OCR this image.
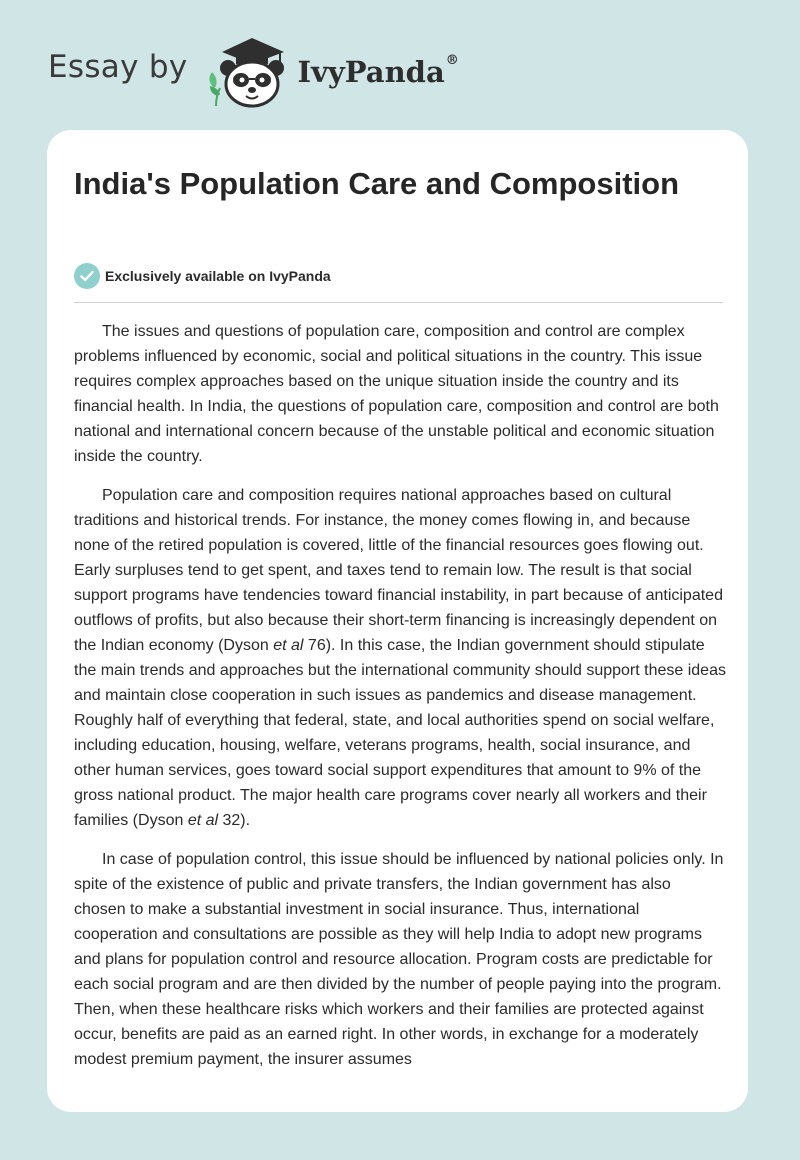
Essay by	IvyPanda®
India's Population Care and Composition
Exclusively available on IvyPanda

The issues and questions of population care, composition and control are complex problems influenced by economic, social and political situations in the country. This issue requires complex approaches based on the unique situation inside the country and its financial health. In India, the questions of population care, composition and control are both national and international concern because of the unstable political and economic situation inside the country.

Population care and composition requires national approaches based on cultural traditions and historical trends. For instance, the money comes flowing in, and because none of the retired population is covered, little of the financial resources goes flowing out. Early surpluses tend to get spent, and taxes tend to remain low. The result is that social support programs have tendencies toward financial instability, in part because of anticipated outflows of profits, but also because their short-term financing is increasingly dependent on the Indian economy (Dyson et al 76). In this case, the Indian government should stipulate the main trends and approaches but the international community should support these ideas and maintain close cooperation in such issues as pandemics and disease management. Roughly half of everything that federal, state, and local authorities spend on social welfare, including education, housing, welfare, veterans programs, health, social insurance, and other human services, goes toward social support expenditures that amount to 9% of the gross national product. The major health care programs cover nearly all workers and their families (Dyson et al 32).

In case of population control, this issue should be influenced by national policies only. In spite of the existence of public and private transfers, the Indian government has also chosen to make a substantial investment in social insurance. Thus, international cooperation and consultations are possible as they will help India to adopt new programs and plans for population control and resource allocation. Program costs are predictable for each social program and are then divided by the number of people paying into the program. Then, when these healthcare risks which workers and their families are protected against occur, benefits are paid as an earned right. In other words, in exchange for a moderately modest premium payment, the insurer assumes
